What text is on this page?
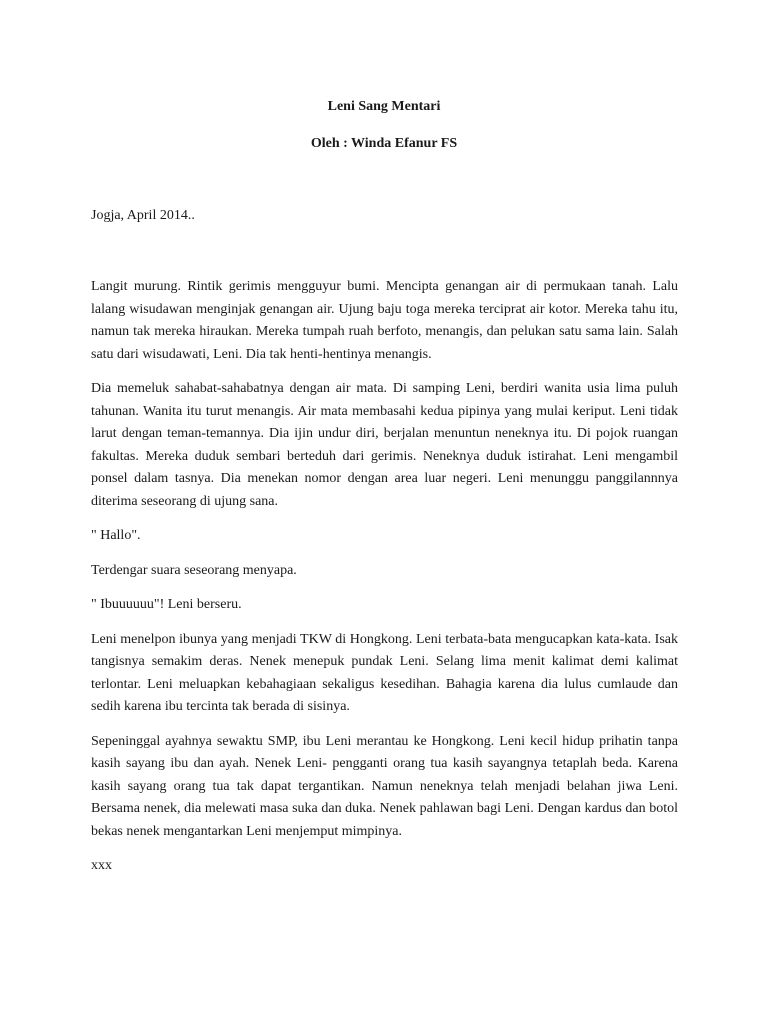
Leni Sang Mentari

Oleh : Winda Efanur FS

Jogja, April 2014..

Langit murung. Rintik gerimis mengguyur bumi. Mencipta genangan air di permukaan tanah. Lalu lalang wisudawan menginjak genangan air. Ujung baju toga mereka terciprat air kotor. Mereka tahu itu, namun tak mereka hiraukan. Mereka tumpah ruah berfoto, menangis, dan pelukan satu sama lain. Salah satu dari wisudawati, Leni. Dia tak henti-hentinya menangis.

Dia memeluk sahabat-sahabatnya dengan air mata. Di samping Leni, berdiri wanita usia lima puluh tahunan. Wanita itu turut menangis. Air mata membasahi kedua pipinya yang mulai keriput. Leni tidak larut dengan teman-temannya. Dia ijin undur diri, berjalan menuntun neneknya itu. Di pojok ruangan fakultas. Mereka duduk sembari berteduh dari gerimis. Neneknya duduk istirahat. Leni mengambil ponsel dalam tasnya. Dia menekan nomor dengan area luar negeri. Leni menunggu panggilannnya diterima seseorang di ujung sana.

" Hallo".

Terdengar suara seseorang menyapa.

" Ibuuuuuu"! Leni berseru.

Leni menelpon ibunya yang menjadi TKW di Hongkong. Leni terbata-bata mengucapkan kata-kata. Isak tangisnya semakim deras. Nenek menepuk pundak Leni. Selang lima menit kalimat demi kalimat terlontar. Leni meluapkan kebahagiaan sekaligus kesedihan. Bahagia karena dia lulus cumlaude dan sedih karena ibu tercinta tak berada di sisinya.

Sepeninggal ayahnya sewaktu SMP, ibu Leni merantau ke Hongkong. Leni kecil hidup prihatin tanpa kasih sayang ibu dan ayah. Nenek Leni- pengganti orang tua kasih sayangnya tetaplah beda. Karena kasih sayang orang tua tak dapat tergantikan. Namun neneknya telah menjadi belahan jiwa Leni. Bersama nenek, dia melewati masa suka dan duka. Nenek pahlawan bagi Leni. Dengan kardus dan botol bekas nenek mengantarkan Leni menjemput mimpinya.

xxx
